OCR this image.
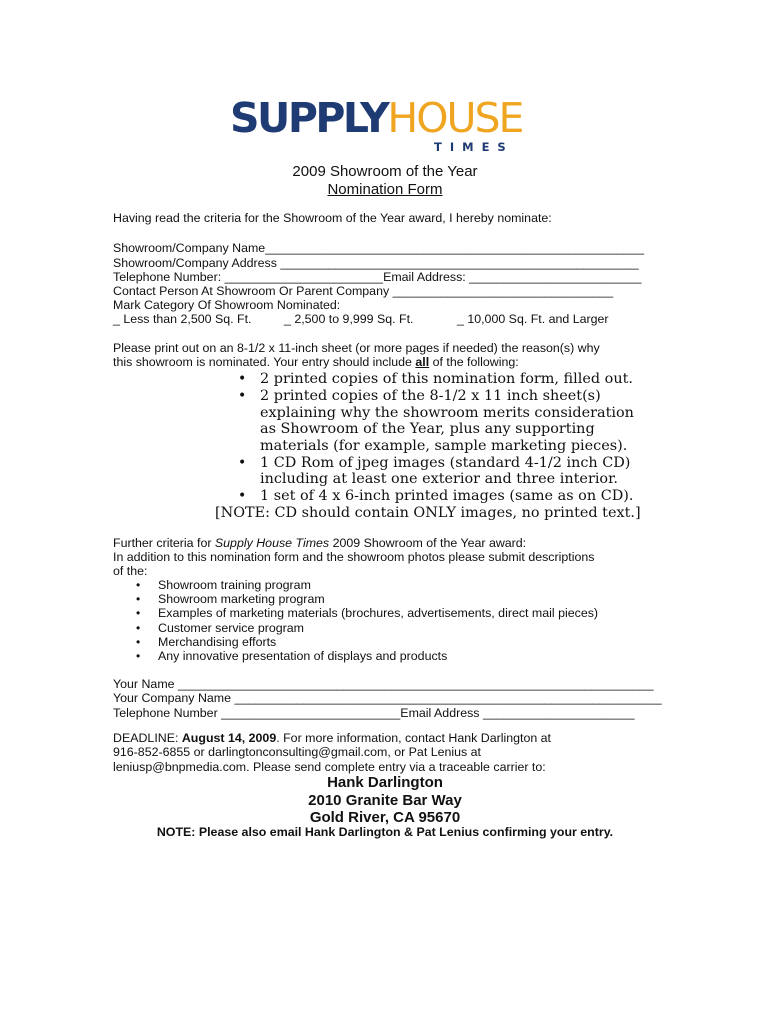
SUPPLYHOUSE
TIMES
2009 Showroom of the Year
Nomination Form
Having read the criteria for the Showroom of the Year award, I hereby nominate:
Showroom/Company Name_______________________________________________________
Showroom/Company Address ____________________________________________________
Telephone Number: _______________________Email Address: _________________________
Contact Person At Showroom Or Parent Company ________________________________
Mark Category Of Showroom Nominated:
_ Less than 2,500 Sq. Ft.	_ 2,500 to 9,999 Sq. Ft.	_ 10,000 Sq. Ft. and Larger
Please print out on an 8-1/2 x 11-inch sheet (or more pages if needed) the reason(s) why
this showroom is nominated. Your entry should include all of the following:
• 2 printed copies of this nomination form, filled out.
• 2 printed copies of the 8-1/2 x 11 inch sheet(s)
explaining why the showroom merits consideration
as Showroom of the Year, plus any supporting
materials (for example, sample marketing pieces).
• 1 CD Rom of jpeg images (standard 4-1/2 inch CD)
including at least one exterior and three interior.
• 1 set of 4 x 6-inch printed images (same as on CD).
[NOTE: CD should contain ONLY images, no printed text.]
Further criteria for Supply House Times 2009 Showroom of the Year award:
In addition to this nomination form and the showroom photos please submit descriptions
of the:
• Showroom training program
• Showroom marketing program
• Examples of marketing materials (brochures, advertisements, direct mail pieces)
• Customer service program
• Merchandising efforts
• Any innovative presentation of displays and products
Your Name _____________________________________________________________________
Your Company Name ______________________________________________________________
Telephone Number __________________________Email Address ______________________
DEADLINE: August 14, 2009. For more information, contact Hank Darlington at
916-852-6855 or darlingtonconsulting@gmail.com, or Pat Lenius at
leniusp@bnpmedia.com. Please send complete entry via a traceable carrier to:
Hank Darlington
2010 Granite Bar Way
Gold River, CA 95670
NOTE: Please also email Hank Darlington & Pat Lenius confirming your entry.
